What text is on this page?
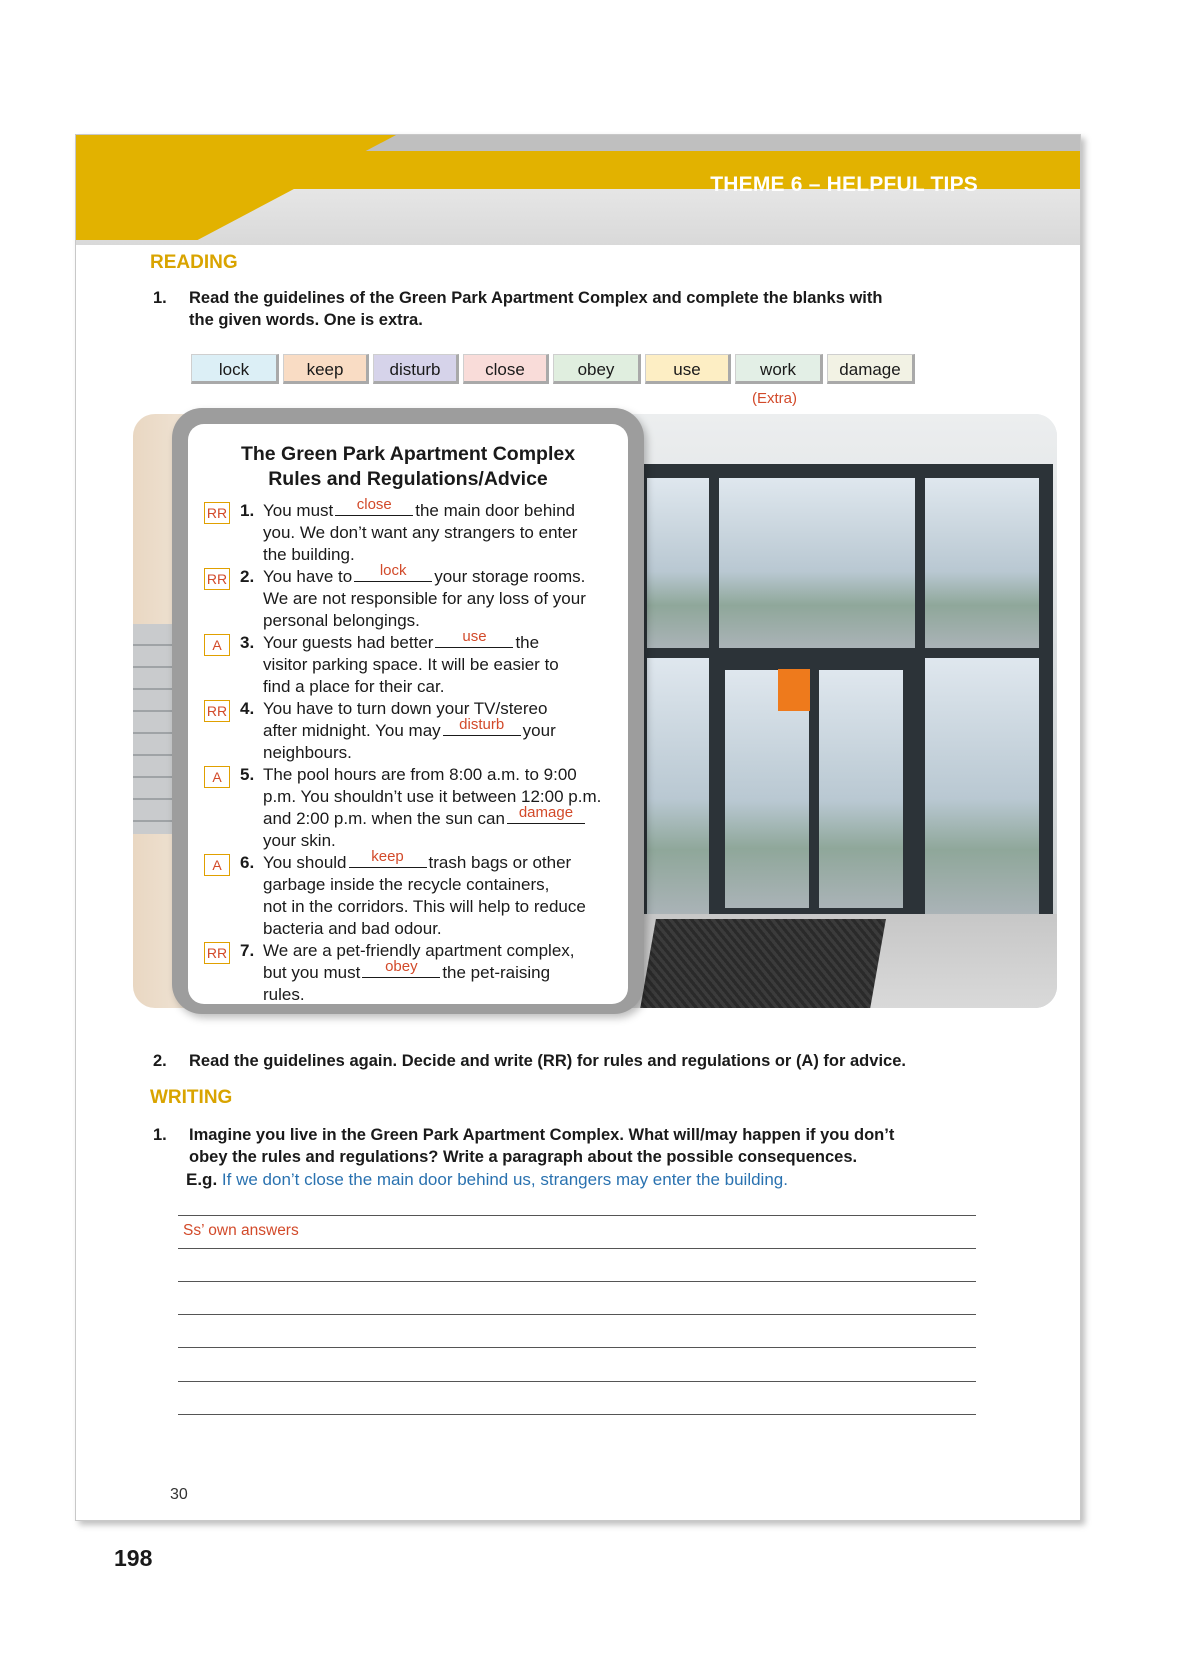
THEME 6 – HELPFUL TIPS
READING
1. Read the guidelines of the Green Park Apartment Complex and complete the blanks with
the given words. One is extra.
lock	keep	disturb	close	obey	use	work	damage
(Extra)
The Green Park Apartment Complex
Rules and Regulations/Advice
RR 1. You must	close	the main door behind
you. We don’t want any strangers to enter
the building.
RR 2. You have to	lock	your storage rooms.
We are not responsible for any loss of your
personal belongings.
A	3. Your guests had better	use	the
visitor parking space. It will be easier to
find a place for their car.
RR 4. You have to turn down your TV/stereo
after midnight. You may	disturb	your
neighbours.
A	5. The pool hours are from 8:00 a.m. to 9:00
p.m. You shouldn’t use it between 12:00 p.m.
and 2:00 p.m. when the sun can damage
your skin.
A	6. You should	keep	trash bags or other
garbage inside the recycle containers,
not in the corridors. This will help to reduce
bacteria and bad odour.
RR 7. We are a pet-friendly apartment complex,
but you must	obey	the pet-raising
rules.
2. Read the guidelines again. Decide and write (RR) for rules and regulations or (A) for advice.
WRITING
1. Imagine you live in the Green Park Apartment Complex. What will/may happen if you don’t
obey the rules and regulations? Write a paragraph about the possible consequences.
E.g. If we don’t close the main door behind us, strangers may enter the building.
Ss’ own answers
30
198
